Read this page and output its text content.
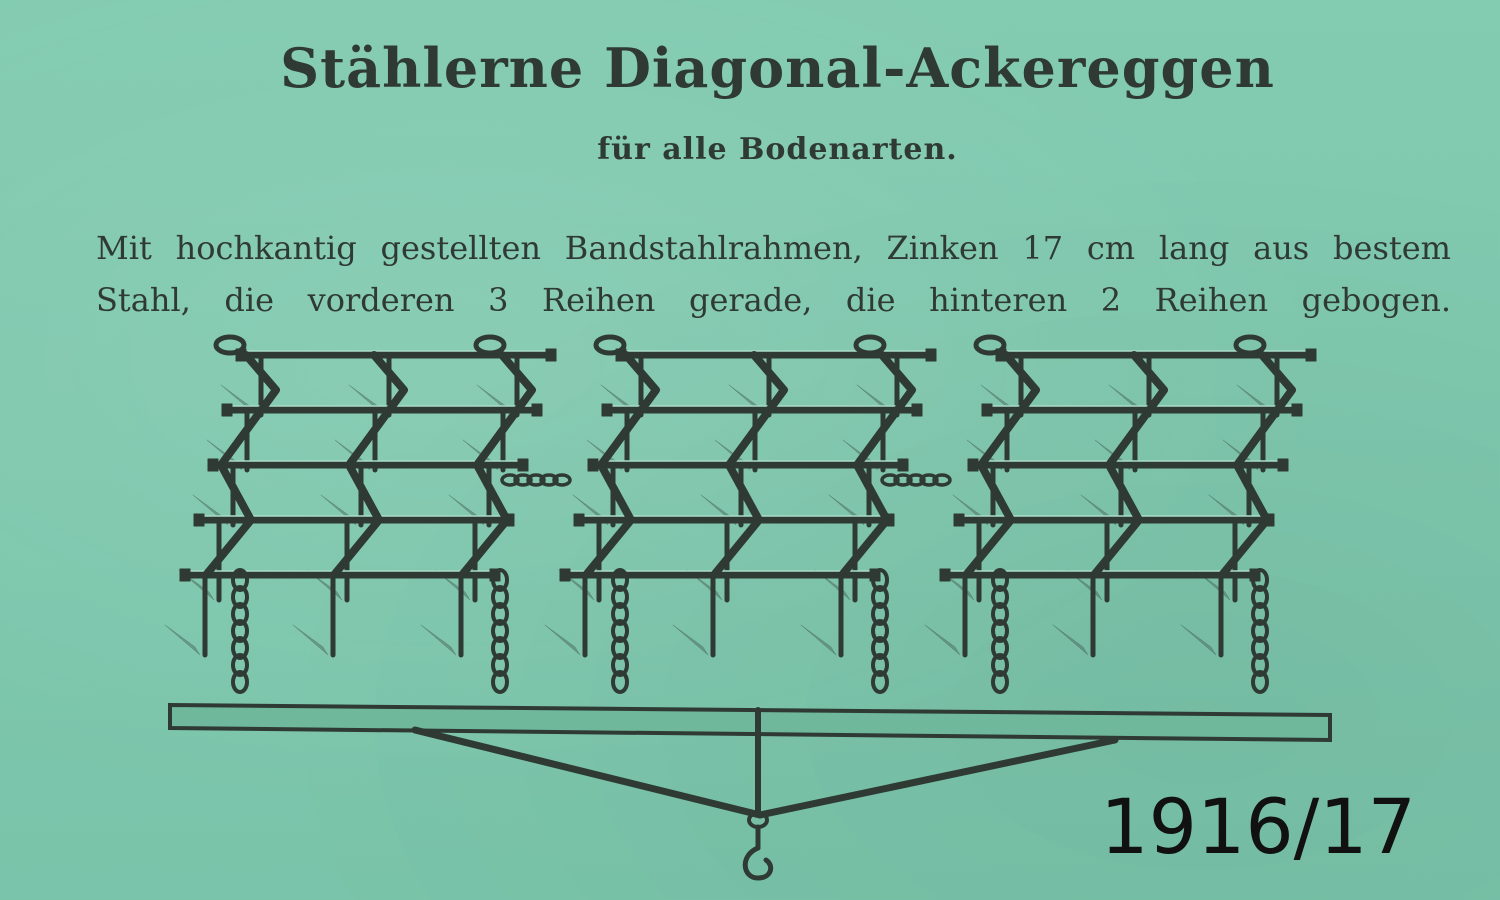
Stählerne Diagonal-Ackereggen
für alle Bodenarten.
Mit hochkantig gestellten Bandstahlrahmen, Zinken 17 cm lang aus bestem
Stahl, die vorderen 3 Reihen gerade, die hinteren 2 Reihen gebogen.
1916/17
